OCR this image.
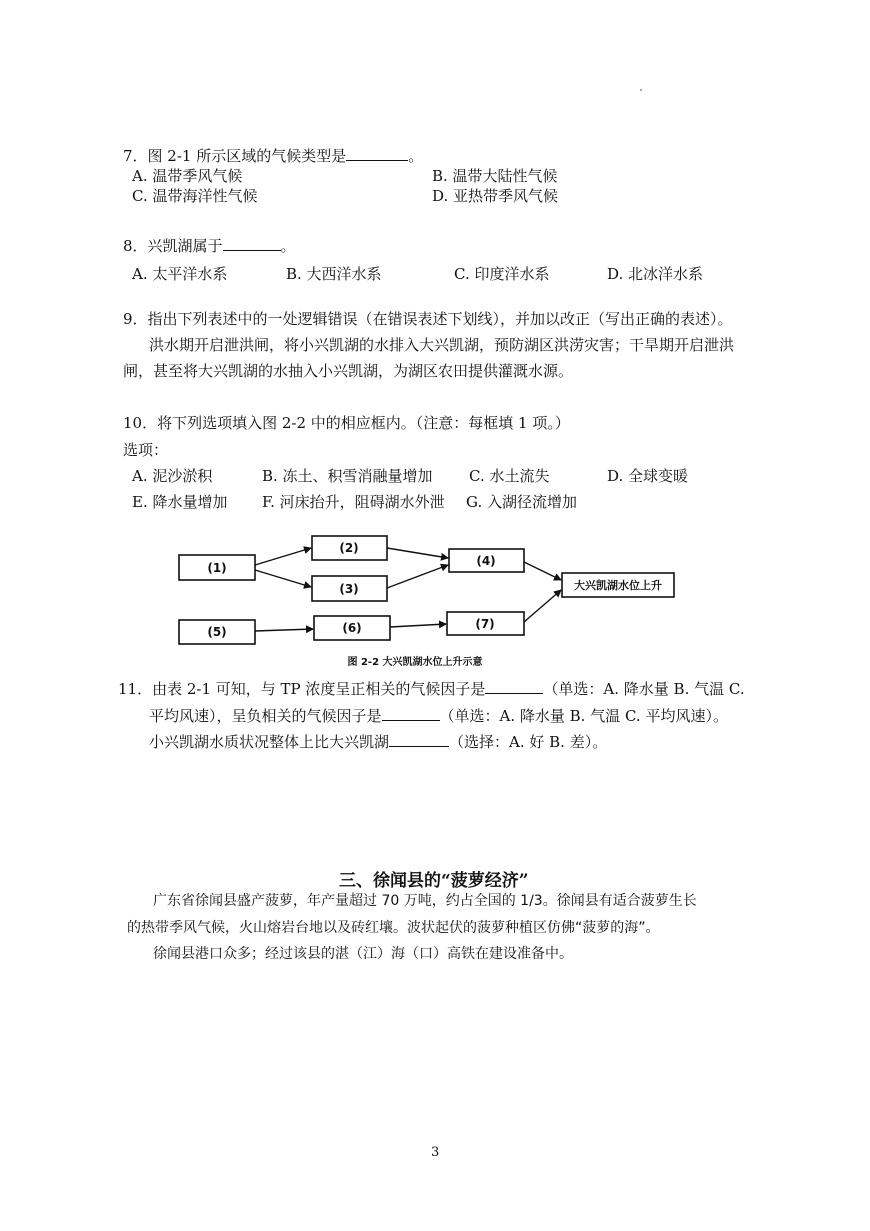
7．图 2-1 所示区域的气候类型是	。
A. 温带季风气候	B. 温带大陆性气候
C. 温带海洋性气候	D. 亚热带季风气候
8．兴凯湖属于	。
A. 太平洋水系	B. 大西洋水系	C. 印度洋水系	D. 北冰洋水系
9．指出下列表述中的一处逻辑错误（在错误表述下划线），并加以改正（写出正确的表述）。
洪水期开启泄洪闸，将小兴凯湖的水排入大兴凯湖，预防湖区洪涝灾害；干旱期开启泄洪
闸，甚至将大兴凯湖的水抽入小兴凯湖，为湖区农田提供灌溉水源。
10．将下列选项填入图 2-2 中的相应框内。（注意：每框填 1 项。）
选项：
A. 泥沙淤积	B. 冻土、积雪消融量增加 C. 水土流失	D. 全球变暖
E. 降水量增加 F. 河床抬升，阻碍湖水外泄 G. 入湖径流增加
(1)
(2)
(3)
(4)
(5)	(6)	(7)
大兴凯湖水位上升
图 2-2 大兴凯湖水位上升示意
11．由表 2-1 可知，与 TP 浓度呈正相关的气候因子是	（单选：A. 降水量 B. 气温 C.
平均风速），呈负相关的气候因子是	（单选：A. 降水量 B. 气温 C. 平均风速）。
小兴凯湖水质状况整体上比大兴凯湖	（选择：A. 好 B. 差）。
三、徐闻县的“菠萝经济”
广东省徐闻县盛产菠萝，年产量超过 70 万吨，约占全国的 1/3。徐闻县有适合菠萝生长
的热带季风气候，火山熔岩台地以及砖红壤。波状起伏的菠萝种植区仿佛“菠萝的海”。
徐闻县港口众多；经过该县的湛（江）海（口）高铁在建设准备中。
3
